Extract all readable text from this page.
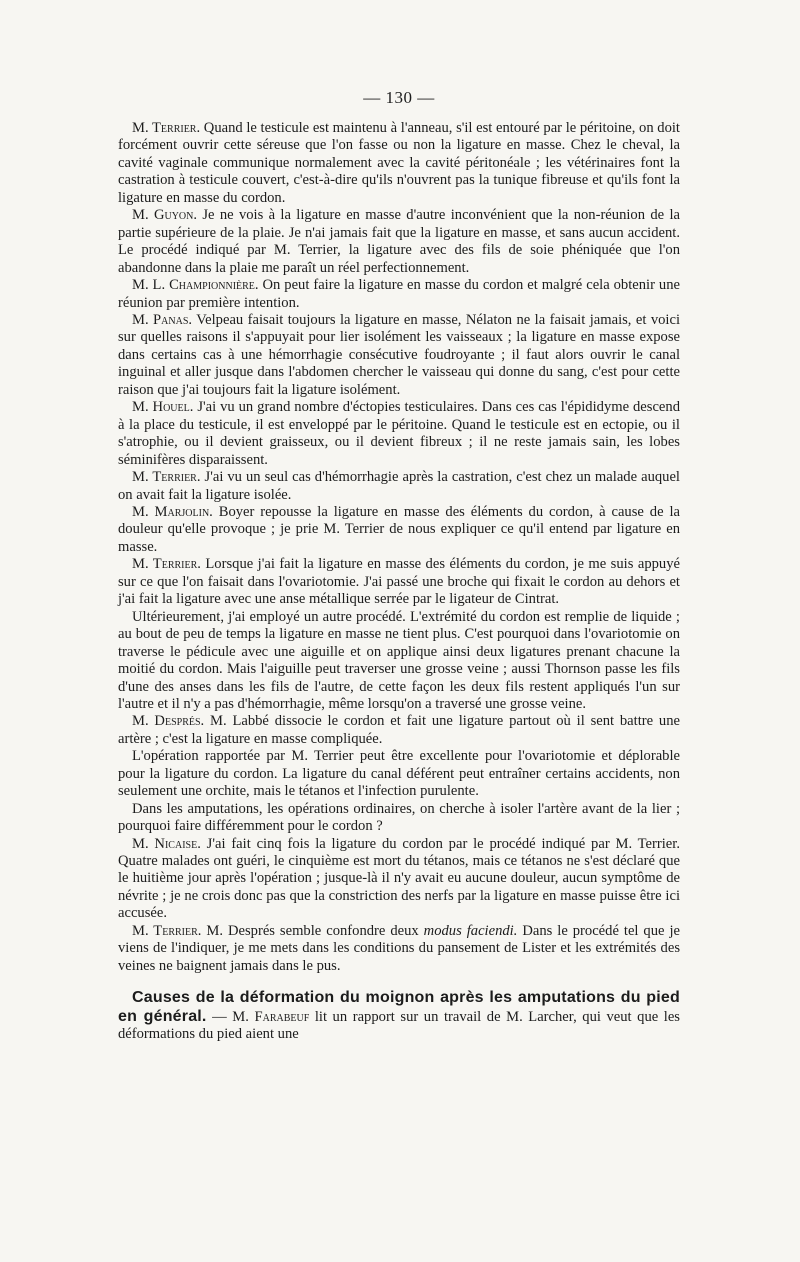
— 130 —

M. Terrier. Quand le testicule est maintenu à l'anneau, s'il est entouré par le péritoine, on doit forcément ouvrir cette séreuse que l'on fasse ou non la ligature en masse. Chez le cheval, la cavité vaginale communique normalement avec la cavité péritonéale ; les vétérinaires font la castration à testicule couvert, c'est-à-dire qu'ils n'ouvrent pas la tunique fibreuse et qu'ils font la ligature en masse du cordon.

M. Guyon. Je ne vois à la ligature en masse d'autre inconvénient que la non-réunion de la partie supérieure de la plaie. Je n'ai jamais fait que la ligature en masse, et sans aucun accident. Le procédé indiqué par M. Terrier, la ligature avec des fils de soie phéniquée que l'on abandonne dans la plaie me paraît un réel perfectionnement.

M. L. Championnière. On peut faire la ligature en masse du cordon et malgré cela obtenir une réunion par première intention.

M. Panas. Velpeau faisait toujours la ligature en masse, Nélaton ne la faisait jamais, et voici sur quelles raisons il s'appuyait pour lier isolément les vaisseaux ; la ligature en masse expose dans certains cas à une hémorrhagie consécutive foudroyante ; il faut alors ouvrir le canal inguinal et aller jusque dans l'abdomen chercher le vaisseau qui donne du sang, c'est pour cette raison que j'ai toujours fait la ligature isolément.

M. Houel. J'ai vu un grand nombre d'éctopies testiculaires. Dans ces cas l'épididyme descend à la place du testicule, il est enveloppé par le péritoine. Quand le testicule est en ectopie, ou il s'atrophie, ou il devient graisseux, ou il devient fibreux ; il ne reste jamais sain, les lobes séminifères disparaissent.

M. Terrier. J'ai vu un seul cas d'hémorrhagie après la castration, c'est chez un malade auquel on avait fait la ligature isolée.

M. Marjolin. Boyer repousse la ligature en masse des éléments du cordon, à cause de la douleur qu'elle provoque ; je prie M. Terrier de nous expliquer ce qu'il entend par ligature en masse.

M. Terrier. Lorsque j'ai fait la ligature en masse des éléments du cordon, je me suis appuyé sur ce que l'on faisait dans l'ovariotomie. J'ai passé une broche qui fixait le cordon au dehors et j'ai fait la ligature avec une anse métallique serrée par le ligateur de Cintrat.

Ultérieurement, j'ai employé un autre procédé. L'extrémité du cordon est remplie de liquide ; au bout de peu de temps la ligature en masse ne tient plus. C'est pourquoi dans l'ovariotomie on traverse le pédicule avec une aiguille et on applique ainsi deux ligatures prenant chacune la moitié du cordon. Mais l'aiguille peut traverser une grosse veine ; aussi Thornson passe les fils d'une des anses dans les fils de l'autre, de cette façon les deux fils restent appliqués l'un sur l'autre et il n'y a pas d'hémorrhagie, même lorsqu'on a traversé une grosse veine.

M. Després. M. Labbé dissocie le cordon et fait une ligature partout où il sent battre une artère ; c'est la ligature en masse compliquée.

L'opération rapportée par M. Terrier peut être excellente pour l'ovariotomie et déplorable pour la ligature du cordon. La ligature du canal déférent peut entraîner certains accidents, non seulement une orchite, mais le tétanos et l'infection purulente.

Dans les amputations, les opérations ordinaires, on cherche à isoler l'artère avant de la lier ; pourquoi faire différemment pour le cordon ?

M. Nicaise. J'ai fait cinq fois la ligature du cordon par le procédé indiqué par M. Terrier. Quatre malades ont guéri, le cinquième est mort du tétanos, mais ce tétanos ne s'est déclaré que le huitième jour après l'opération ; jusque-là il n'y avait eu aucune douleur, aucun symptôme de névrite ; je ne crois donc pas que la constriction des nerfs par la ligature en masse puisse être ici accusée.

M. Terrier. M. Després semble confondre deux modus faciendi. Dans le procédé tel que je viens de l'indiquer, je me mets dans les conditions du pansement de Lister et les extrémités des veines ne baignent jamais dans le pus.

Causes de la déformation du moignon après les amputations du pied en général. — M. Farabeuf lit un rapport sur un travail de M. Larcher, qui veut que les déformations du pied aient une
